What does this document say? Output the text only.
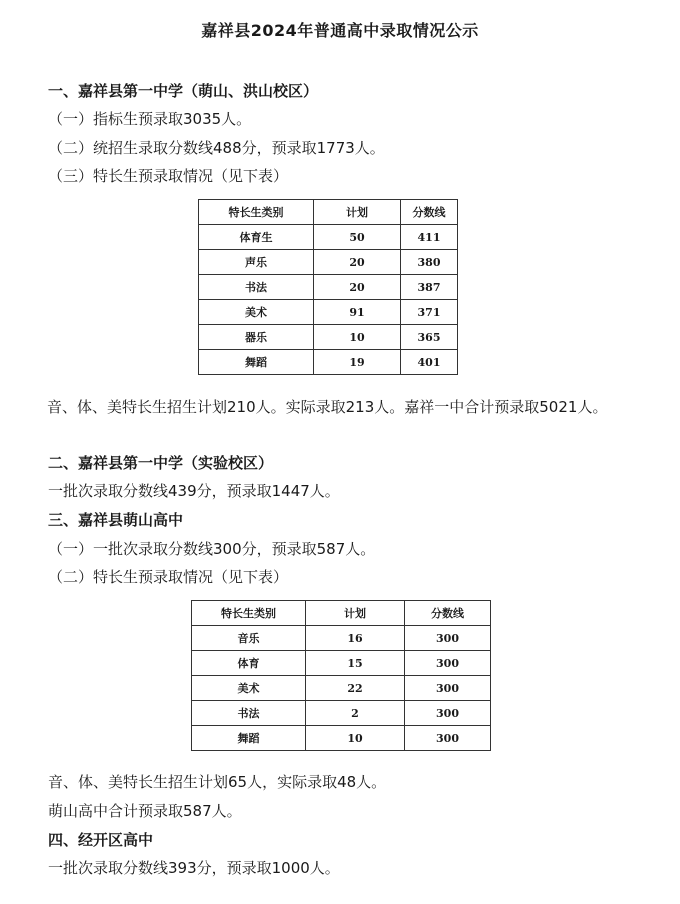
嘉祥县2024年普通高中录取情况公示
一、嘉祥县第一中学（萌山、洪山校区）
（一）指标生预录取3035人。
（二）统招生录取分数线488分，预录取1773人。
（三）特长生预录取情况（见下表）
特长生类别	计划	分数线
体育生	50	411
声乐	20	380
书法	20	387
美术	91	371
器乐	10	365
舞蹈	19	401
音、体、美特长生招生计划210人。实际录取213人。嘉祥一中合计预录取5021人。
二、嘉祥县第一中学（实验校区）
一批次录取分数线439分，预录取1447人。
三、嘉祥县萌山高中
（一）一批次录取分数线300分，预录取587人。
（二）特长生预录取情况（见下表）
特长生类别	计划	分数线
音乐	16	300
体育	15	300
美术	22	300
书法	2	300
舞蹈	10	300
音、体、美特长生招生计划65人，实际录取48人。
萌山高中合计预录取587人。
四、经开区高中
一批次录取分数线393分，预录取1000人。
